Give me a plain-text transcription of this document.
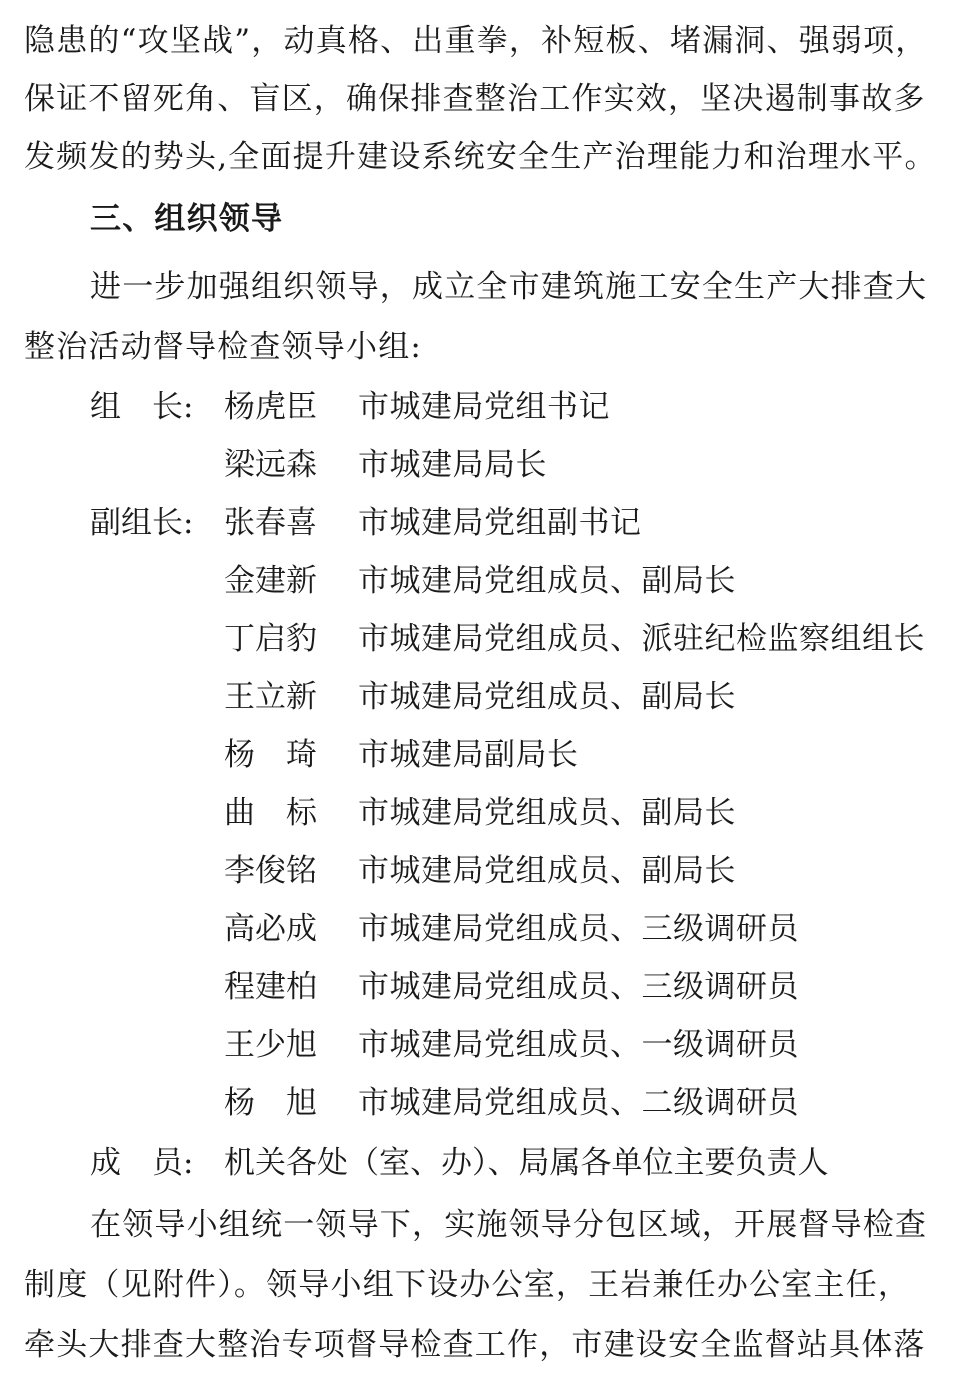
隐患的“攻坚战”，动真格、出重拳，补短板、堵漏洞、强弱项，
保证不留死角、盲区，确保排查整治工作实效，坚决遏制事故多
发频发的势头,全面提升建设系统安全生产治理能力和治理水平。
三、组织领导
进一步加强组织领导，成立全市建筑施工安全生产大排查大
整治活动督导检查领导小组:
组　长: 杨虎臣 市城建局党组书记
梁远森 市城建局局长
副组长: 张春喜 市城建局党组副书记
金建新 市城建局党组成员、副局长
丁启豹 市城建局党组成员、派驻纪检监察组组长
王立新 市城建局党组成员、副局长
杨　琦 市城建局副局长
曲　标 市城建局党组成员、副局长
李俊铭 市城建局党组成员、副局长
高必成 市城建局党组成员、三级调研员
程建柏 市城建局党组成员、三级调研员
王少旭 市城建局党组成员、一级调研员
杨　旭 市城建局党组成员、二级调研员
成　员: 机关各处（室、办）、局属各单位主要负责人
在领导小组统一领导下，实施领导分包区域，开展督导检查
制度（见附件）。领导小组下设办公室，王岩兼任办公室主任，
牵头大排查大整治专项督导检查工作，市建设安全监督站具体落
